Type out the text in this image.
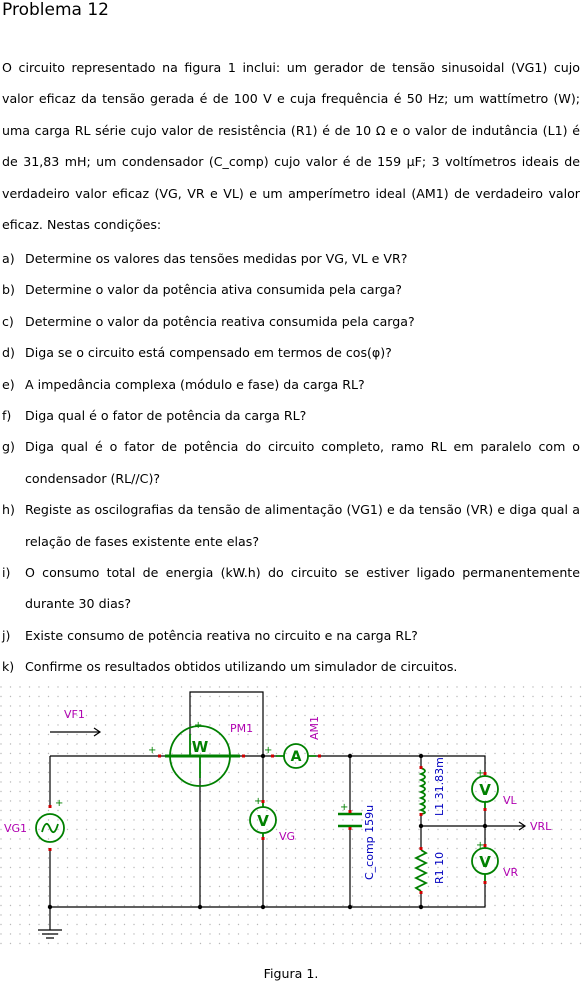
Problema 12

O circuito representado na figura 1 inclui: um gerador de tensão sinusoidal (VG1) cujo valor eficaz da tensão gerada é de 100 V e cuja frequência é 50 Hz; um wattímetro (W); uma carga RL série cujo valor de resistência (R1) é de 10 Ω e o valor de indutância (L1) é de 31,83 mH; um condensador (C_comp) cujo valor é de 159 μF; 3 voltímetros ideais de verdadeiro valor eficaz (VG, VR e VL) e um amperímetro ideal (AM1) de verdadeiro valor eficaz. Nestas condições:

a) Determine os valores das tensões medidas por VG, VL e VR?
b) Determine o valor da potência ativa consumida pela carga?
c) Determine o valor da potência reativa consumida pela carga?
d) Diga se o circuito está compensado em termos de cos(φ)?
e) A impedância complexa (módulo e fase) da carga RL?
f) Diga qual é o fator de potência da carga RL?
g) Diga qual é o fator de potência do circuito completo, ramo RL em paralelo com o condensador (RL//C)?
h) Registe as oscilografias da tensão de alimentação (VG1) e da tensão (VR) e diga qual a relação de fases existente ente elas?
i) O consumo total de energia (kW.h) do circuito se estiver ligado permanentemente durante 30 dias?
j) Existe consumo de potência reativa no circuito e na carga RL?
k) Confirme os resultados obtidos utilizando um simulador de circuitos.
W
A
V
V
V
+
+
+	+
+
+
+
+
VF1
VG1
PM1	AM1
VG	C_comp 159u
L1 31.83m
R1 10
VL
VR
VRL
Figura 1.
